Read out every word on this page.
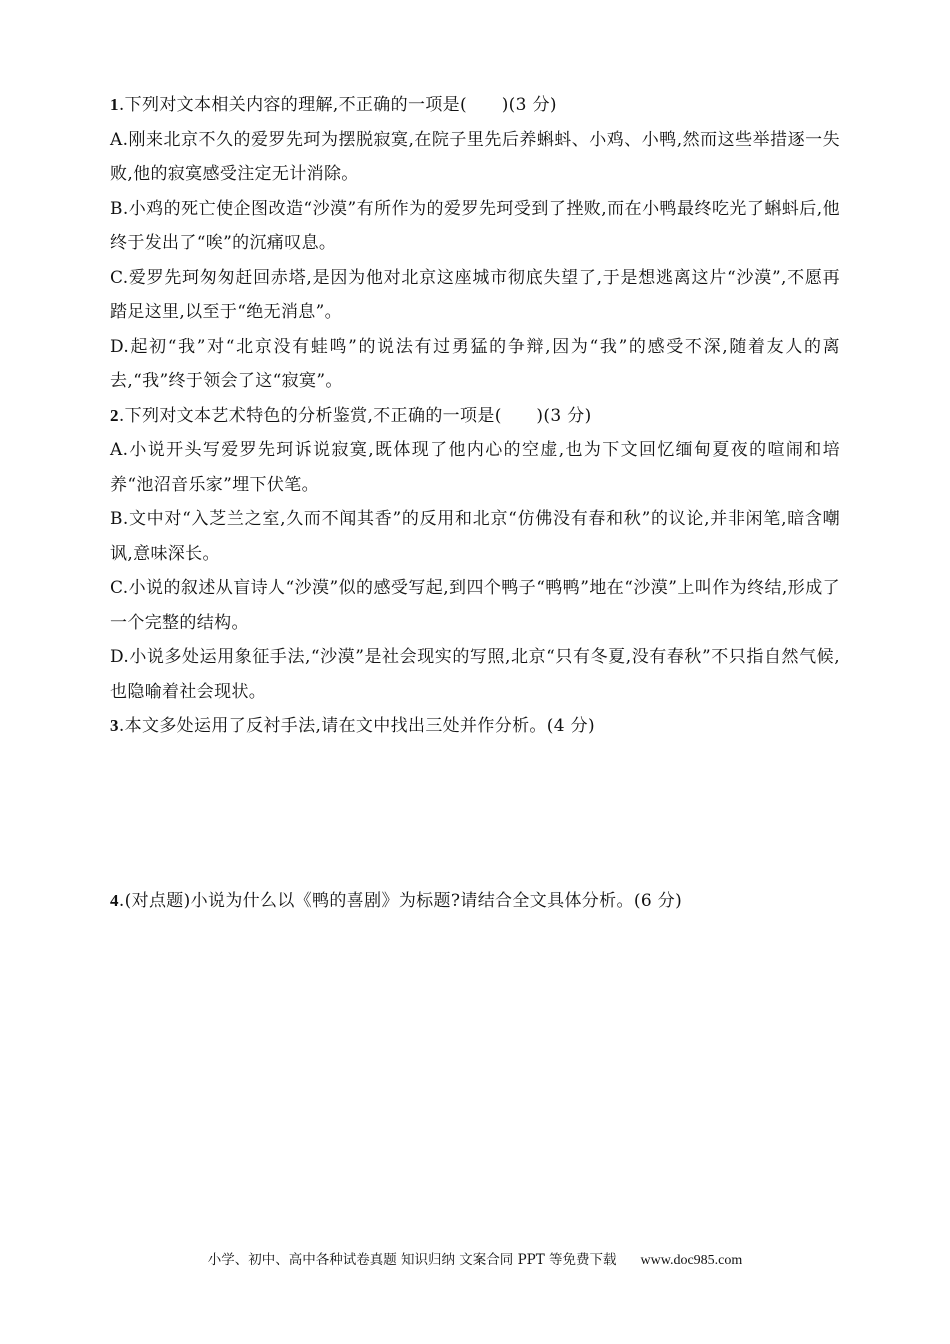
1.下列对文本相关内容的理解,不正确的一项是(　　)(3 分)
A.刚来北京不久的爱罗先珂为摆脱寂寞,在院子里先后养蝌蚪、小鸡、小鸭,然而这些举措逐一失败,他的寂寞感受注定无计消除。
B.小鸡的死亡使企图改造“沙漠”有所作为的爱罗先珂受到了挫败,而在小鸭最终吃光了蝌蚪后,他终于发出了“唉”的沉痛叹息。
C.爱罗先珂匆匆赶回赤塔,是因为他对北京这座城市彻底失望了,于是想逃离这片“沙漠”,不愿再踏足这里,以至于“绝无消息”。
D.起初“我”对“北京没有蛙鸣”的说法有过勇猛的争辩,因为“我”的感受不深,随着友人的离去,“我”终于领会了这“寂寞”。
2.下列对文本艺术特色的分析鉴赏,不正确的一项是(　　)(3 分)
A.小说开头写爱罗先珂诉说寂寞,既体现了他内心的空虚,也为下文回忆缅甸夏夜的喧闹和培养“池沼音乐家”埋下伏笔。
B.文中对“入芝兰之室,久而不闻其香”的反用和北京“仿佛没有春和秋”的议论,并非闲笔,暗含嘲讽,意味深长。
C.小说的叙述从盲诗人“沙漠”似的感受写起,到四个鸭子“鸭鸭”地在“沙漠”上叫作为终结,形成了一个完整的结构。
D.小说多处运用象征手法,“沙漠”是社会现实的写照,北京“只有冬夏,没有春秋”不只指自然气候,也隐喻着社会现状。
3.本文多处运用了反衬手法,请在文中找出三处并作分析。(4 分)
4.(对点题)小说为什么以《鸭的喜剧》为标题?请结合全文具体分析。(6 分)
小学、初中、高中各种试卷真题 知识归纳 文案合同 PPT 等免费下载 www.doc985.com
